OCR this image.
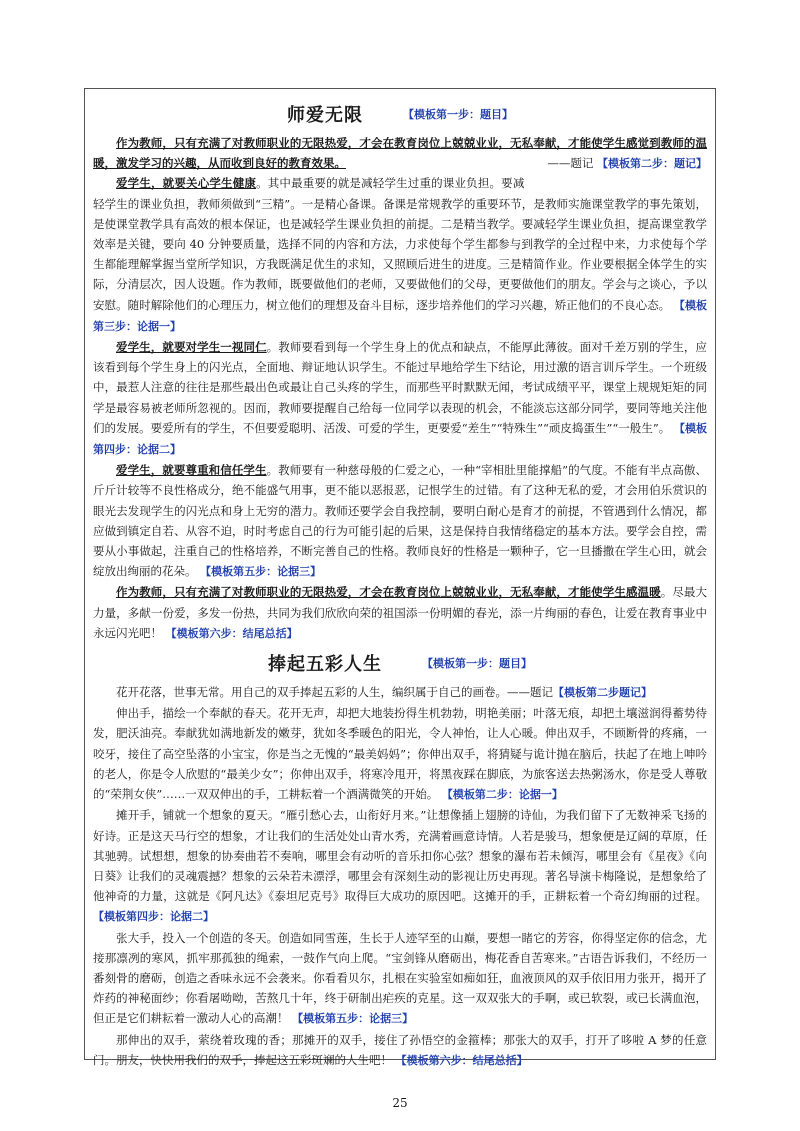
师爱无限	【模板第一步：题目】

作为教师，只有充满了对教师职业的无限热爱，才会在教育岗位上兢兢业业，无私奉献，才能使学生感觉到教师的温暖，激发学习的兴趣，从而收到良好的教育效果。	——题记 【模板第二步：题记】

爱学生，就要关心学生健康。其中最重要的就是减轻学生过重的课业负担。要减轻学生的课业负担，教师须做到“三精”。一是精心备课。备课是常规教学的重要环节，是教师实施课堂教学的事先策划，是使课堂教学具有高效的根本保证，也是减轻学生课业负担的前提。二是精当教学。要减轻学生课业负担，提高课堂教学效率是关键，要向 40 分钟要质量，选择不同的内容和方法，力求使每个学生都参与到教学的全过程中来，力求使每个学生都能理解掌握当堂所学知识，方我既满足优生的求知，又照顾后进生的进度。三是精简作业。作业要根据全体学生的实际，分清层次，因人设题。作为教师，既要做他们的老师，又要做他们的父母，更要做他们的朋友。学会与之谈心，予以安慰。随时解除他们的心理压力，树立他们的理想及奋斗目标，逐步培养他们的学习兴趣，矫正他们的不良心态。 【模板第三步：论据一】

爱学生，就要对学生一视同仁。教师要看到每一个学生身上的优点和缺点，不能厚此薄彼。面对千差万别的学生，应该看到每个学生身上的闪光点，全面地、辩证地认识学生。不能过早地给学生下结论，用过激的语言训斥学生。一个班级中，最惹人注意的往往是那些最出色或最让自己头疼的学生，而那些平时默默无闻，考试成绩平平，课堂上规规矩矩的同学是最容易被老师所忽视的。因而，教师要提醒自己给每一位同学以表现的机会，不能淡忘这部分同学，要同等地关注他们的发展。要爱所有的学生，不但要爱聪明、活泼、可爱的学生，更要爱“差生”“特殊生”“顽皮捣蛋生”“一般生”。 【模板第四步：论据二】

爱学生，就要尊重和信任学生。教师要有一种慈母般的仁爱之心，一种“宰相肚里能撑船”的气度。不能有半点高傲、斤斤计较等不良性格成分，绝不能盛气用事，更不能以恶报恶，记恨学生的过错。有了这种无私的爱，才会用伯乐赏识的眼光去发现学生的闪光点和身上无穷的潜力。教师还要学会自我控制，要明白耐心是育才的前提，不管遇到什么情况，都应做到镇定自若、从容不迫，时时考虑自己的行为可能引起的后果，这是保持自我情绪稳定的基本方法。要学会自控，需要从小事做起，注重自己的性格培养，不断完善自己的性格。教师良好的性格是一颗种子，它一旦播撒在学生心田，就会绽放出绚丽的花朵。 【模板第五步：论据三】

作为教师，只有充满了对教师职业的无限热爱，才会在教育岗位上兢兢业业，无私奉献，才能使学生感温暖。尽最大力量，多献一份爱，多发一份热，共同为我们欣欣向荣的祖国添一份明媚的春光，添一片绚丽的春色，让爱在教育事业中永远闪光吧！ 【模板第六步：结尾总括】

捧起五彩人生	【模板第一步：题目】

花开花落，世事无常。用自己的双手捧起五彩的人生，编织属于自己的画卷。——题记【模板第二步题记】

伸出手，描绘一个奉献的春天。花开无声，却把大地装扮得生机勃勃，明艳美丽；叶落无痕，却把土壤滋润得蓄势待发，肥沃油亮。奉献犹如满地新发的嫩芽，犹如冬季暖色的阳光，令人神怡，让人心暖。伸出双手，不顾断骨的疼痛，一咬牙，接住了高空坠落的小宝宝，你是当之无愧的“最美妈妈”；你伸出双手，将猜疑与诡计抛在脑后，扶起了在地上呻吟的老人，你是令人欣慰的“最美少女”；你伸出双手，将寒冷甩开，将黑夜踩在脚底，为旅客送去热粥汤水，你是受人尊敬的“荣荆女侠”……一双双伸出的手，工耕耘着一个酒满微笑的开始。 【模板第二步：论据一】

摊开手，铺就一个想象的夏天。“雁引愁心去，山衔好月来。”让想像插上翅膀的诗仙，为我们留下了无数神采飞扬的好诗。正是这天马行空的想象，才让我们的生活处处山青水秀，充满着画意诗情。人若是骏马，想象便是辽阔的草原，任其驰骋。试想想，想象的协奏曲若不奏响，哪里会有动听的音乐扣你心弦？想象的瀑布若未倾泻，哪里会有《星夜》《向日葵》让我们的灵魂震撼？想象的云朵若未漂浮，哪里会有深刻生动的影视让历史再现。著名导演卡梅隆说，是想象给了他神奇的力量，这就是《阿凡达》《泰坦尼克号》取得巨大成功的原因吧。这摊开的手，正耕耘着一个奇幻绚丽的过程。 【模板第四步：论据二】

张大手，投入一个创造的冬天。创造如同雪莲，生长于人迹罕至的山巅，要想一睹它的芳容，你得坚定你的信念，尤接那凛冽的寒风，抓牢那孤独的绳索，一鼓作气向上爬。“宝剑锋从磨砺出，梅花香自苦寒来。”古语告诉我们，不经历一番刻骨的磨砺，创造之香味永远不会袭来。你看看贝尔，扎根在实验室如痴如狂，血液顶风的双手依旧用力张开，揭开了炸药的神秘面纱；你看屠呦呦，苦熬几十年，终于研制出疟疾的克星。这一双双张大的手啊，或已软裂，或已长满血泡，但正是它们耕耘着一激动人心的高潮！ 【模板第五步：论据三】

那伸出的双手，萦绕着玫瑰的香；那摊开的双手，接住了孙悟空的金箍棒；那张大的双手，打开了哆啦 A 梦的任意门。朋友，快快用我们的双手，捧起这五彩斑斓的人生吧！ 【模板第六步：结尾总括】

25
